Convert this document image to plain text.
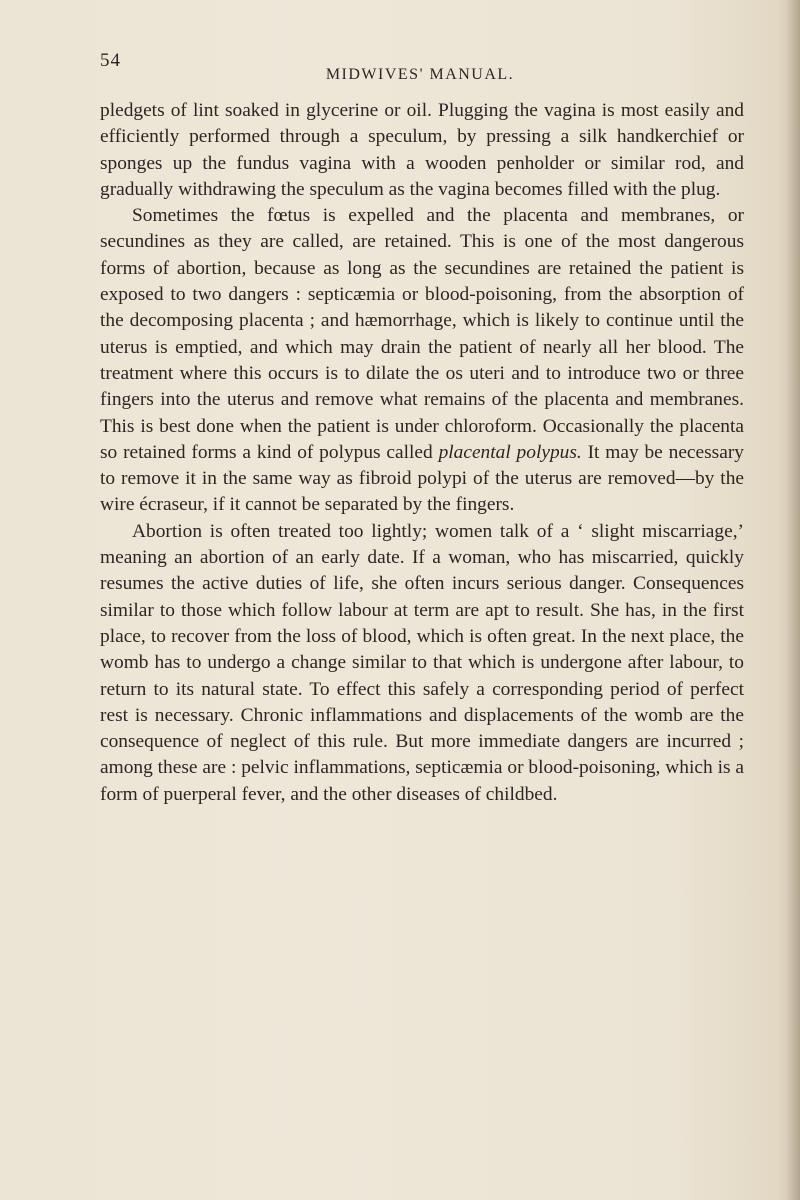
54
MIDWIVES' MANUAL.

pledgets of lint soaked in glycerine or oil. Plugging the vagina is most easily and efficiently performed through a speculum, by pressing a silk handkerchief or sponges up the fundus vagina with a wooden penholder or similar rod, and gradually withdrawing the speculum as the vagina becomes filled with the plug.

Sometimes the fœtus is expelled and the placenta and membranes, or secundines as they are called, are retained. This is one of the most dangerous forms of abortion, because as long as the secundines are retained the patient is exposed to two dangers : septicæmia or blood-poisoning, from the absorption of the decomposing placenta ; and hæmorrhage, which is likely to continue until the uterus is emptied, and which may drain the patient of nearly all her blood. The treatment where this occurs is to dilate the os uteri and to introduce two or three fingers into the uterus and remove what remains of the placenta and membranes. This is best done when the patient is under chloroform. Occasionally the placenta so retained forms a kind of polypus called placental polypus. It may be necessary to remove it in the same way as fibroid polypi of the uterus are removed—by the wire écraseur, if it cannot be separated by the fingers.

Abortion is often treated too lightly; women talk of a ‘ slight miscarriage,’ meaning an abortion of an early date. If a woman, who has miscarried, quickly resumes the active duties of life, she often incurs serious danger. Consequences similar to those which follow labour at term are apt to result. She has, in the first place, to recover from the loss of blood, which is often great. In the next place, the womb has to undergo a change similar to that which is undergone after labour, to return to its natural state. To effect this safely a corresponding period of perfect rest is necessary. Chronic inflammations and displacements of the womb are the consequence of neglect of this rule. But more immediate dangers are incurred ; among these are : pelvic inflammations, septicæmia or blood-poisoning, which is a form of puerperal fever, and the other diseases of childbed.
